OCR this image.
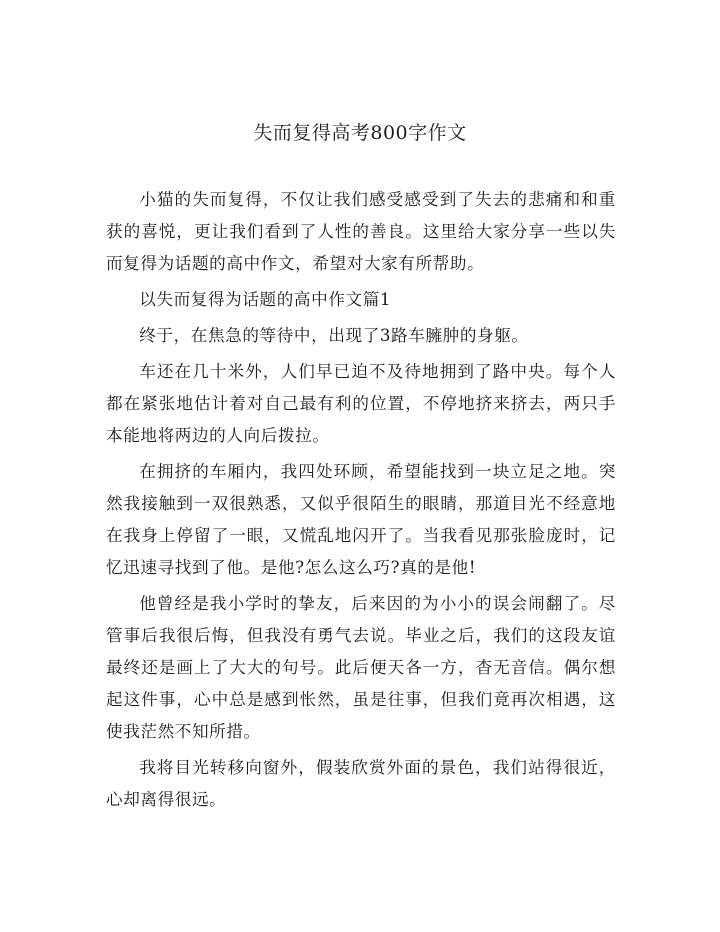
失而复得高考800字作文

小猫的失而复得，不仅让我们感受感受到了失去的悲痛和和重获的喜悦，更让我们看到了人性的善良。这里给大家分享一些以失而复得为话题的高中作文，希望对大家有所帮助。

以失而复得为话题的高中作文篇1

终于，在焦急的等待中，出现了3路车臃肿的身躯。

车还在几十米外，人们早已迫不及待地拥到了路中央。每个人都在紧张地估计着对自己最有利的位置，不停地挤来挤去，两只手本能地将两边的人向后拨拉。

在拥挤的车厢内，我四处环顾，希望能找到一块立足之地。突然我接触到一双很熟悉，又似乎很陌生的眼睛，那道目光不经意地在我身上停留了一眼，又慌乱地闪开了。当我看见那张脸庞时，记忆迅速寻找到了他。是他?怎么这么巧?真的是他!

他曾经是我小学时的挚友，后来因的为小小的误会闹翻了。尽管事后我很后悔，但我没有勇气去说。毕业之后，我们的这段友谊最终还是画上了大大的句号。此后便天各一方，杳无音信。偶尔想起这件事，心中总是感到怅然，虽是往事，但我们竟再次相遇，这使我茫然不知所措。

我将目光转移向窗外，假装欣赏外面的景色，我们站得很近，心却离得很远。
